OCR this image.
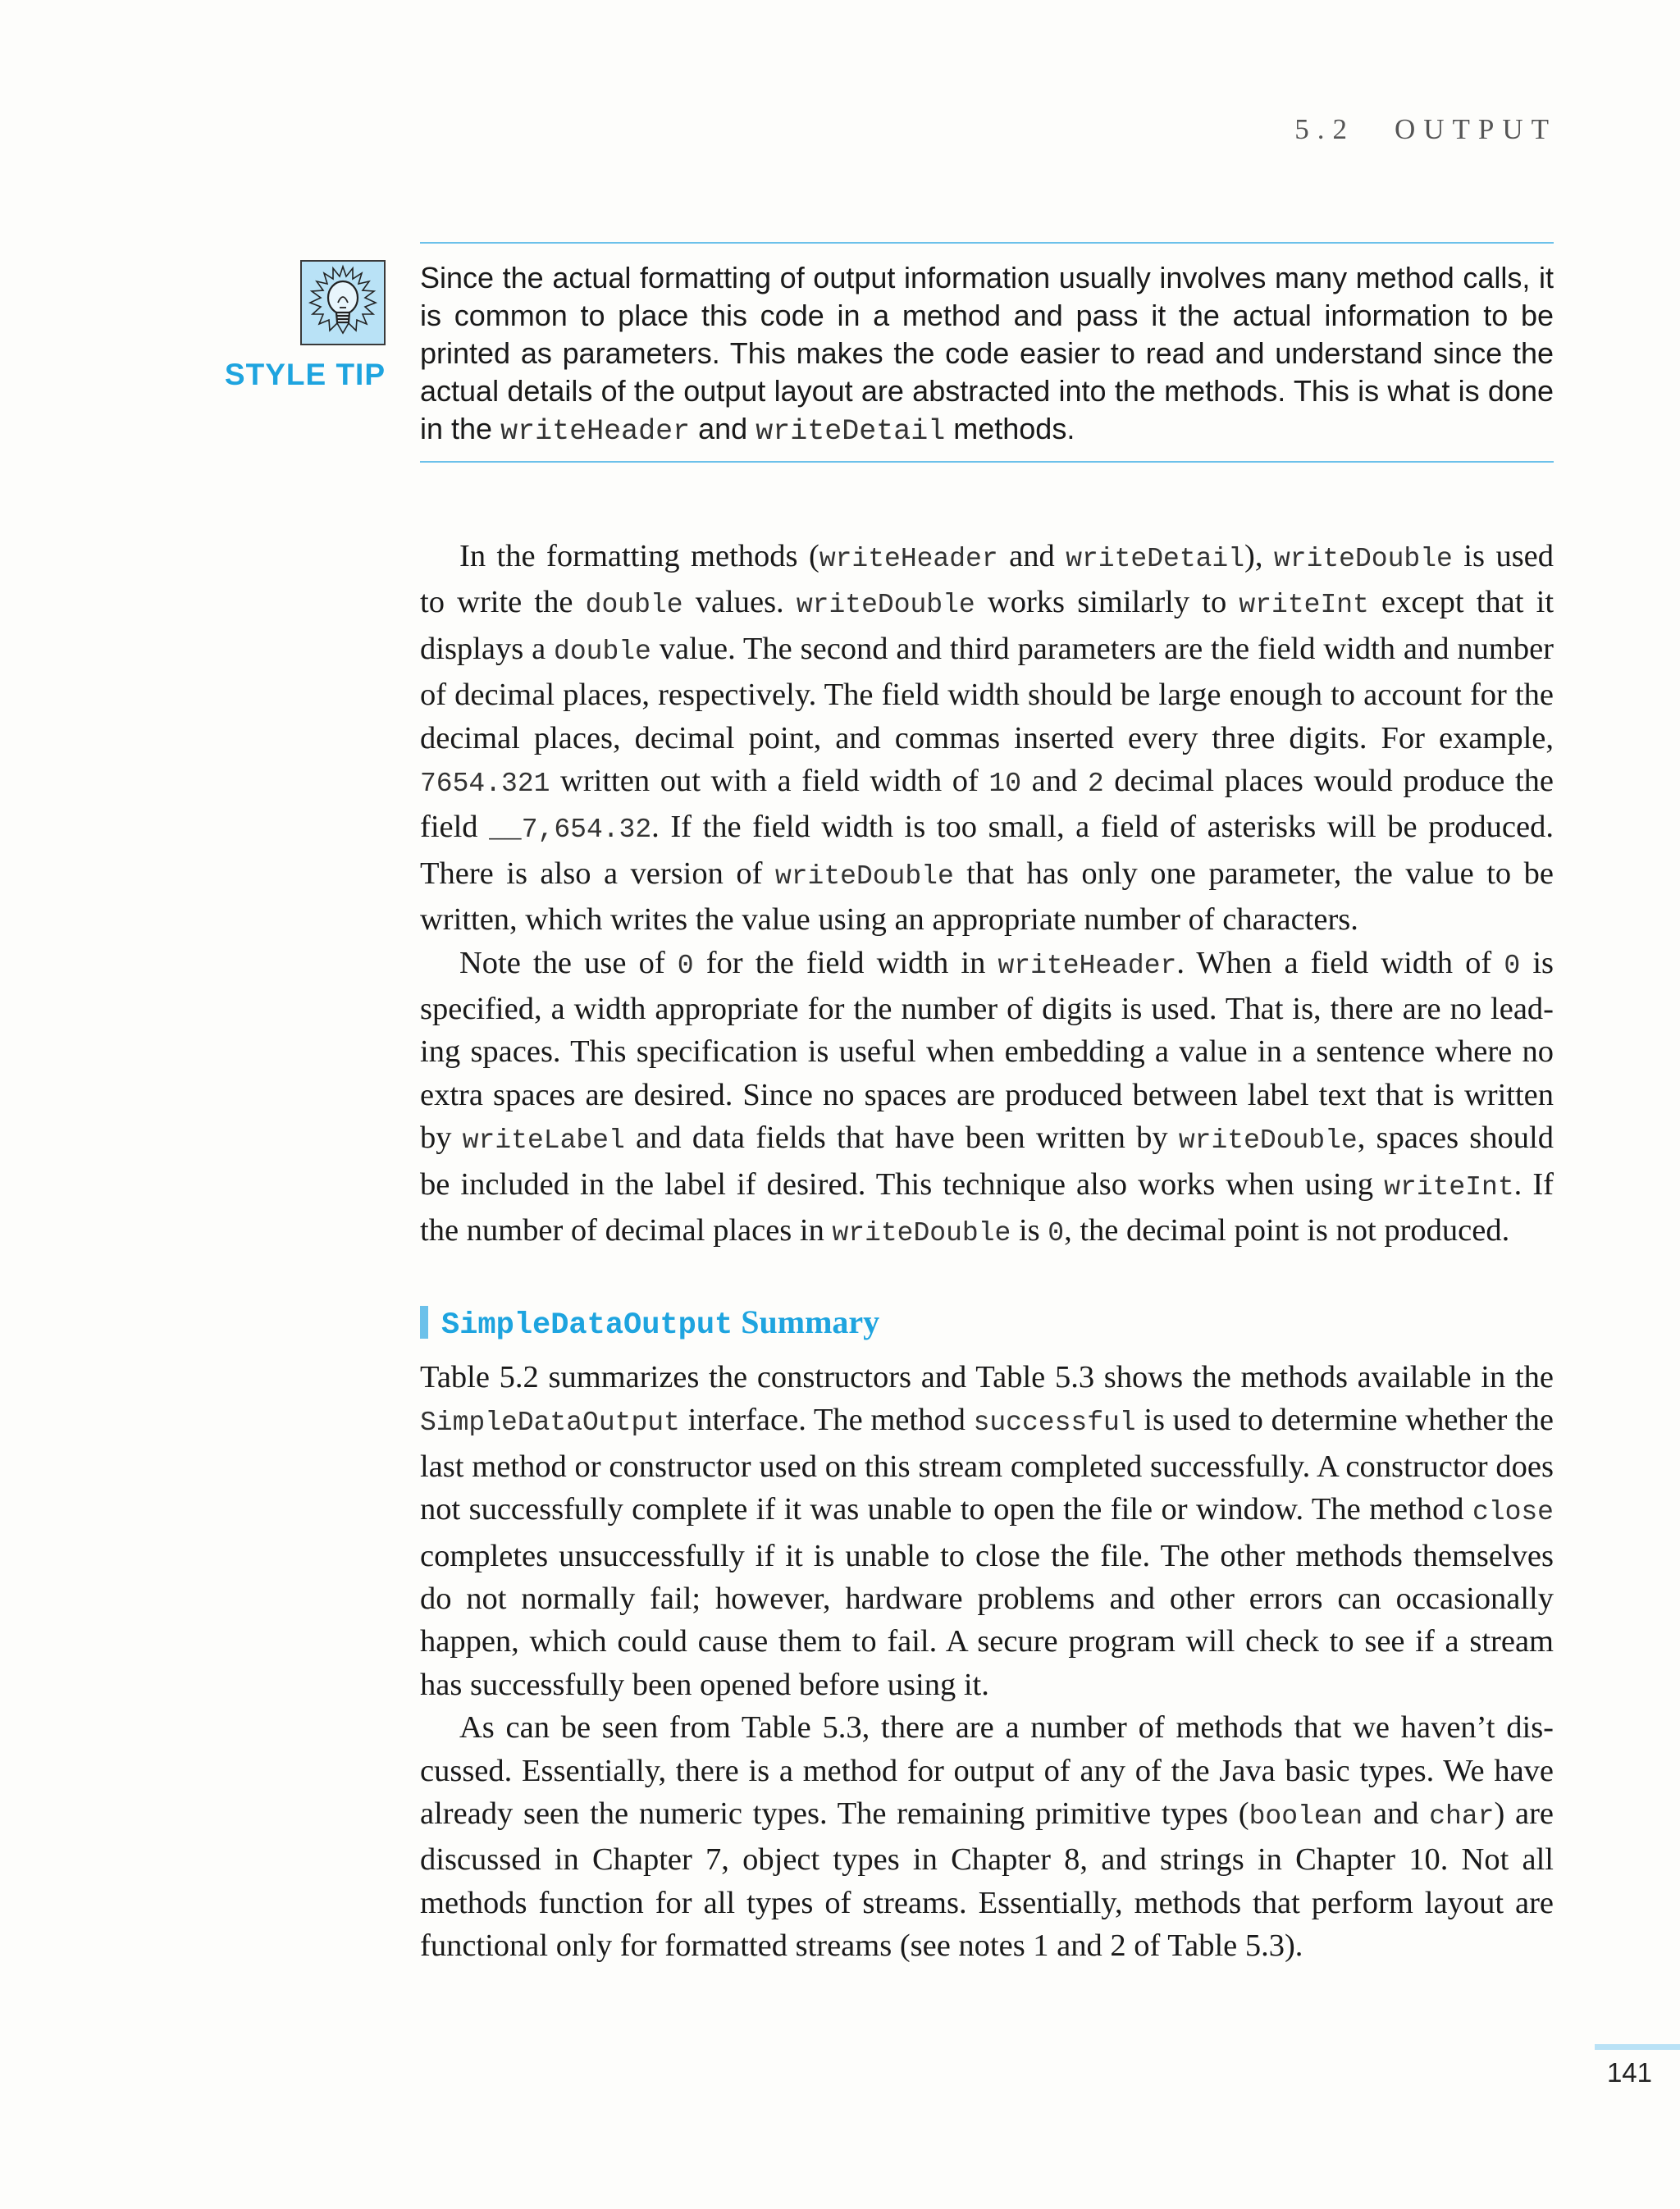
5.2 OUTPUT
STYLE TIP

Since the actual formatting of output information usually involves many method calls, it is common to place this code in a method and pass it the actual information to be printed as parameters. This makes the code easier to read and understand since the actual details of the output layout are abstracted into the methods. This is what is done in the writeHeader and writeDetail methods.

In the formatting methods (writeHeader and writeDetail), writeDouble is used to write the double values. writeDouble works similarly to writeInt except that it displays a double value. The second and third parameters are the field width and number of decimal places, respectively. The field width should be large enough to account for the decimal places, decimal point, and commas inserted every three digits. For example, 7654.321 written out with a field width of 10 and 2 decimal places would produce the field __7,654.32. If the field width is too small, a field of asterisks will be produced. There is also a version of writeDouble that has only one parameter, the value to be written, which writes the value using an appropriate number of characters.

Note the use of 0 for the field width in writeHeader. When a field width of 0 is specified, a width appropriate for the number of digits is used. That is, there are no lead-ing spaces. This specification is useful when embedding a value in a sentence where no extra spaces are desired. Since no spaces are produced between label text that is written by writeLabel and data fields that have been written by writeDouble, spaces should be included in the label if desired. This technique also works when using writeInt. If the number of decimal places in writeDouble is 0, the decimal point is not produced.

SimpleDataOutput Summary

Table 5.2 summarizes the constructors and Table 5.3 shows the methods available in the SimpleDataOutput interface. The method successful is used to determine whether the last method or constructor used on this stream completed successfully. A constructor does not successfully complete if it was unable to open the file or window. The method close completes unsuccessfully if it is unable to close the file. The other methods themselves do not normally fail; however, hardware problems and other errors can occasionally happen, which could cause them to fail. A secure program will check to see if a stream has successfully been opened before using it.

As can be seen from Table 5.3, there are a number of methods that we haven’t dis-cussed. Essentially, there is a method for output of any of the Java basic types. We have already seen the numeric types. The remaining primitive types (boolean and char) are discussed in Chapter 7, object types in Chapter 8, and strings in Chapter 10. Not all methods function for all types of streams. Essentially, methods that perform layout are functional only for formatted streams (see notes 1 and 2 of Table 5.3).

141
